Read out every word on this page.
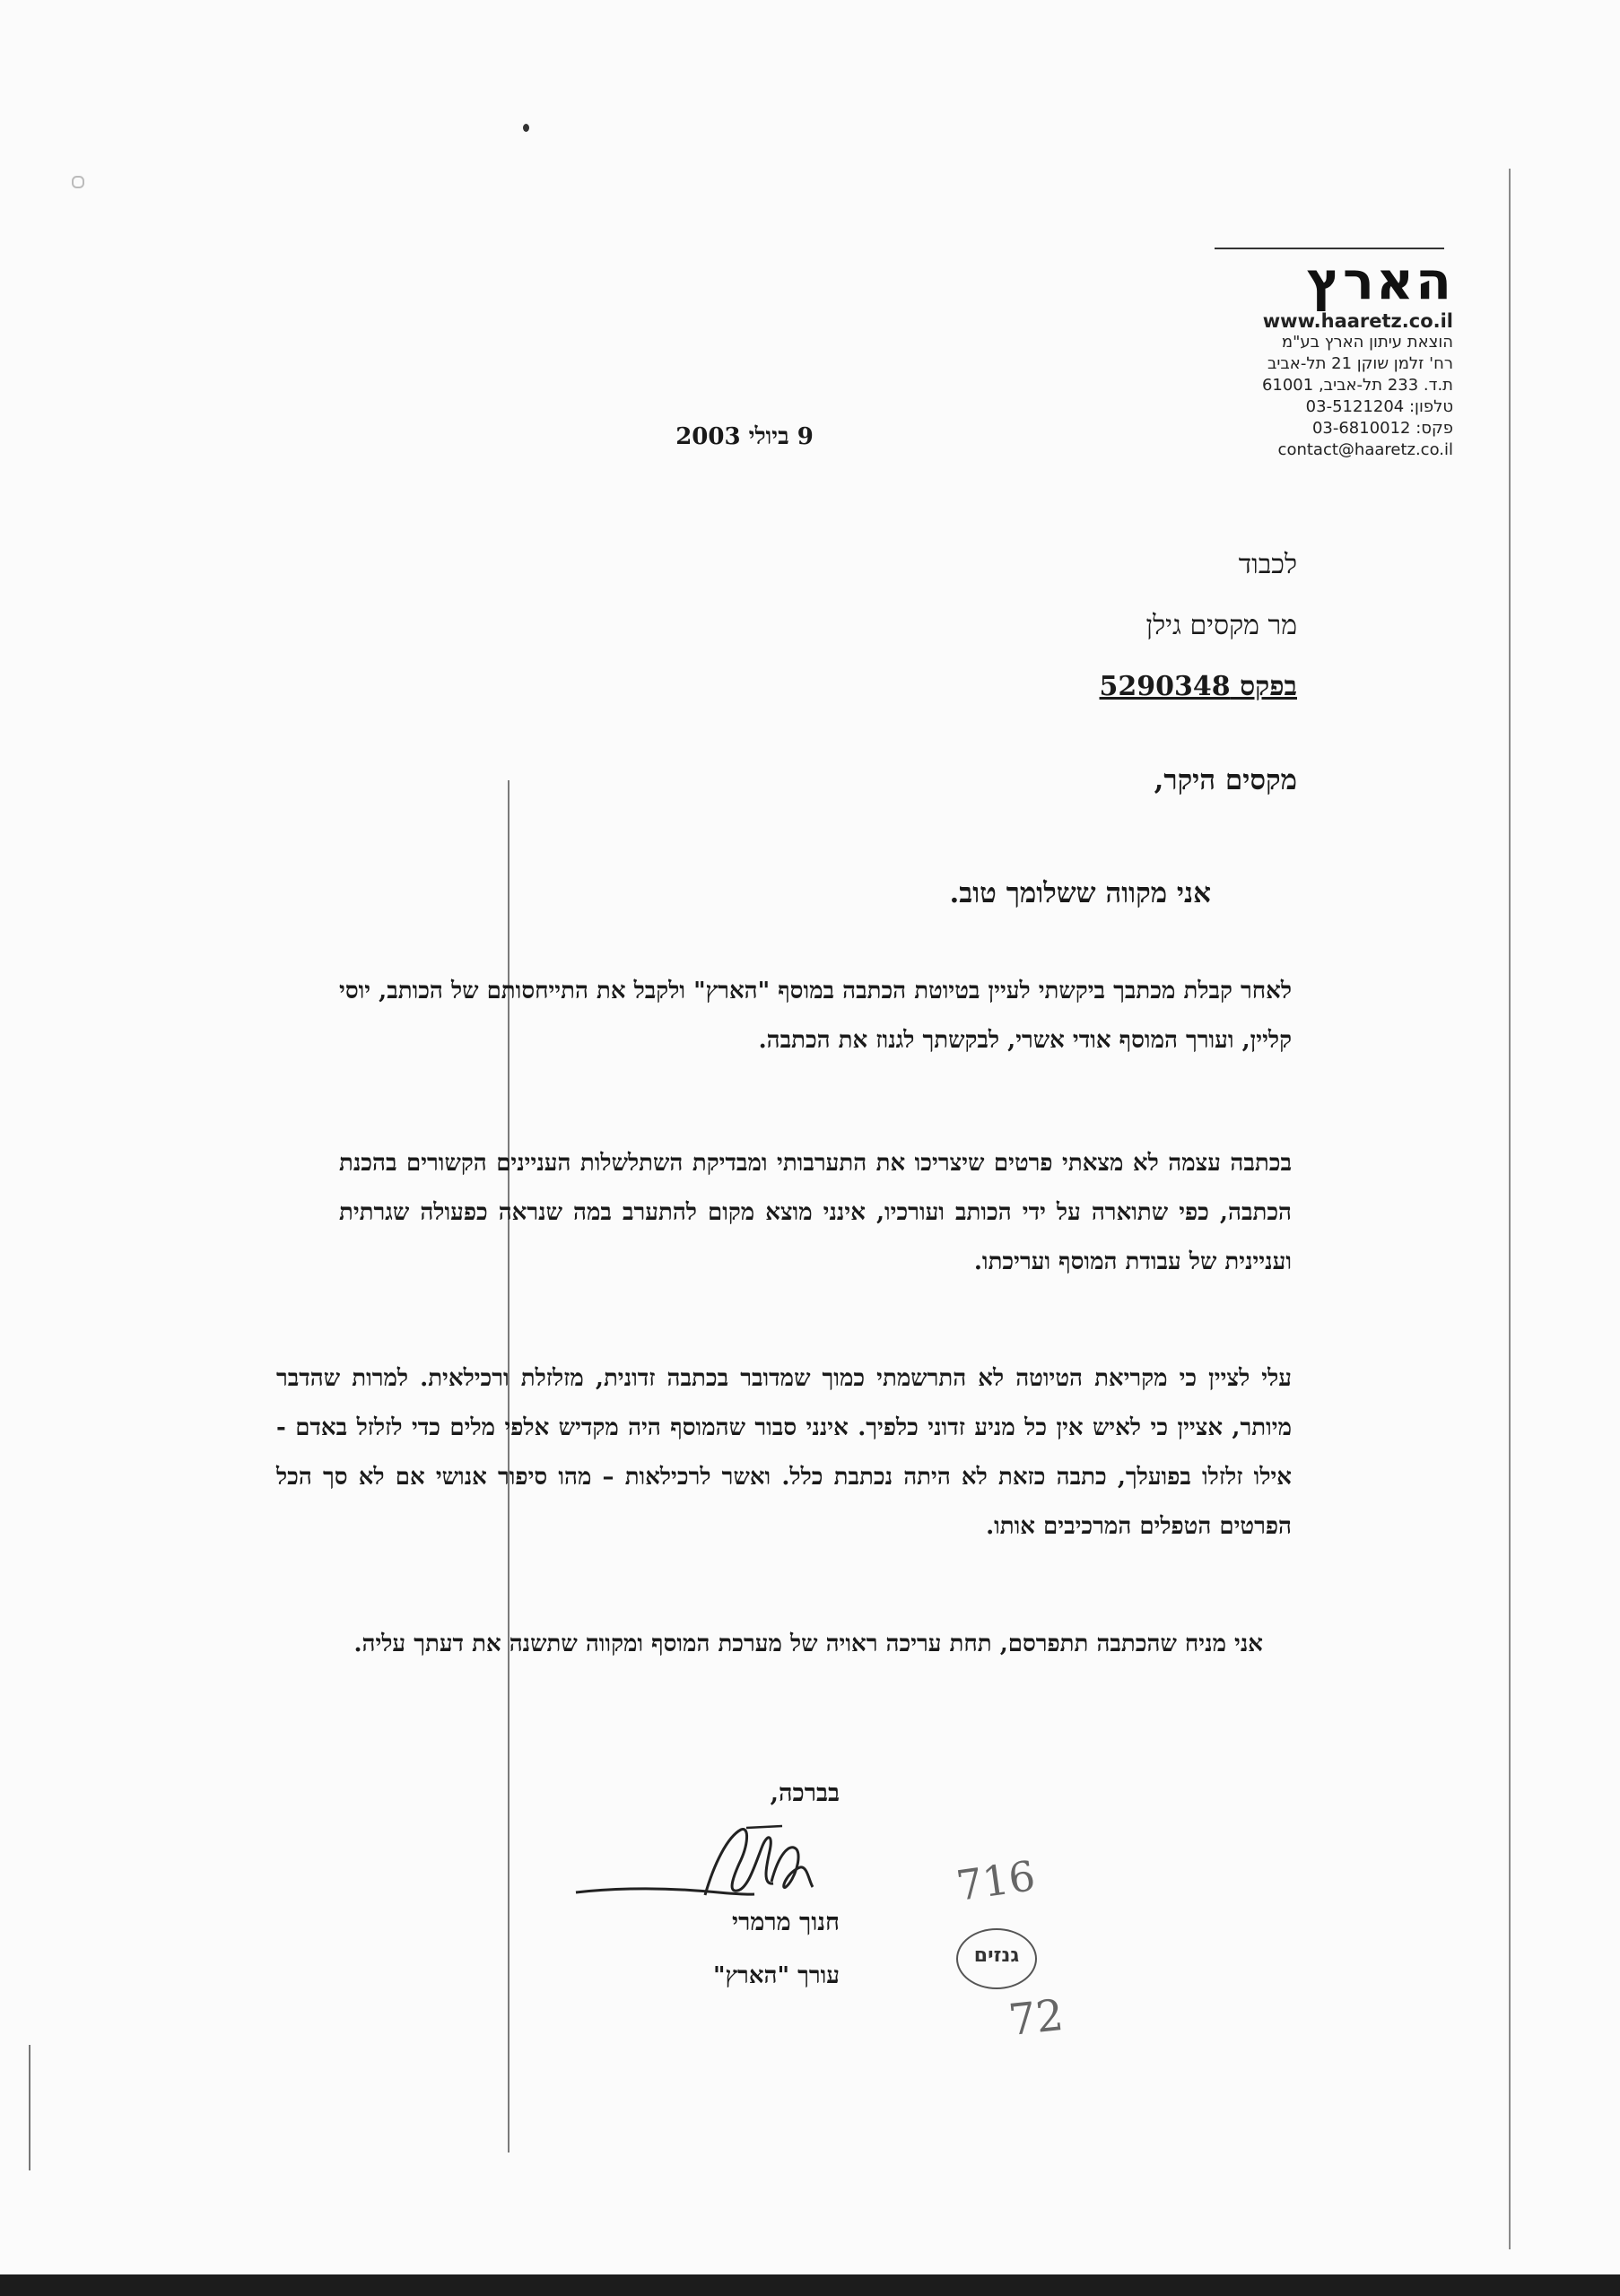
הארץ
www.haaretz.co.il
הוצאת עיתון הארץ בע"מ
רח' זלמן שוקן 21 תל-אביב
ת.ד. 233 תל-אביב, 61001
טלפון: 03-5121204
פקס: 03-6810012
contact@haaretz.co.il
9 ביולי 2003
לכבוד
מר מקסים גילן
בפקס 5290348
מקסים היקר,
אני מקווה ששלומך טוב.
לאחר קבלת מכתבך ביקשתי לעיין בטיוטת הכתבה במוסף "הארץ" ולקבל את התייחסותם של הכותב, יוסי קליין, ועורך המוסף אודי אשרי, לבקשתך לגנוז את הכתבה.
בכתבה עצמה לא מצאתי פרטים שיצריכו את התערבותי ומבדיקת השתלשלות העניינים הקשורים בהכנת הכתבה, כפי שתוארה על ידי הכותב ועורכיו, אינני מוצא מקום להתערב במה שנראה כפעולה שגרתית ועניינית של עבודת המוסף ועריכתו.
עלי לציין כי מקריאת הטיוטה לא התרשמתי כמוך שמדובר בכתבה זדונית, מזלזלת ורכילאית. למרות שהדבר מיותר, אציין כי לאיש אין כל מניע זדוני כלפיך. אינני סבור שהמוסף היה מקדיש אלפי מלים כדי לזלזל באדם - אילו זלזלו בפועלך, כתבה כזאת לא היתה נכתבת כלל. ואשר לרכילאות – מהו סיפור אנושי אם לא סך הכל הפרטים הטפלים המרכיבים אותו.
אני מניח שהכתבה תתפרסם, תחת עריכה ראויה של מערכת המוסף ומקווה שתשנה את דעתך עליה.
בברכה,
חנוך מרמרי
עורך "הארץ"
716
גנזים
72
